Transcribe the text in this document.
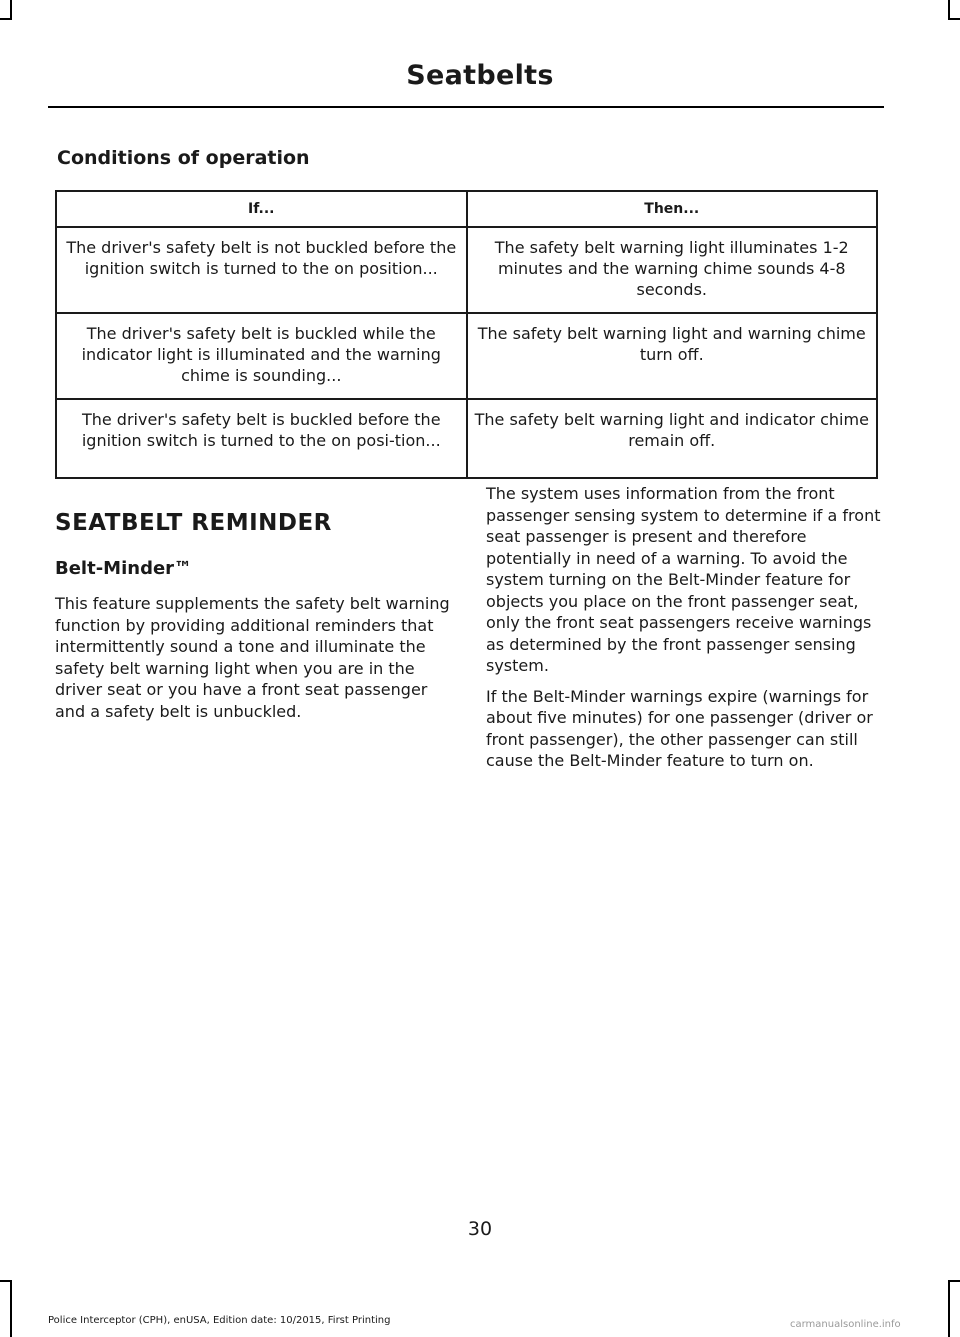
Seatbelts
Conditions of operation
If...	Then...
The driver's safety belt is not buckled before the ignition switch is turned to the on position...	The safety belt warning light illuminates 1-2 minutes and the warning chime sounds 4-8 seconds.
The driver's safety belt is buckled while the indicator light is illuminated and the warning chime is sounding...	The safety belt warning light and warning chime turn off.
The driver's safety belt is buckled before the ignition switch is turned to the on posi-tion...	The safety belt warning light and indicator chime remain off.
SEATBELT REMINDER
Belt-Minder™

This feature supplements the safety belt warning function by providing additional reminders that intermittently sound a tone and illuminate the safety belt warning light when you are in the driver seat or you have a front seat passenger and a safety belt is unbuckled.

The system uses information from the front passenger sensing system to determine if a front seat passenger is present and therefore potentially in need of a warning. To avoid the system turning on the Belt-Minder feature for objects you place on the front passenger seat, only the front seat passengers receive warnings as determined by the front passenger sensing system.

If the Belt-Minder warnings expire (warnings for about five minutes) for one passenger (driver or front passenger), the other passenger can still cause the Belt-Minder feature to turn on.

30
Police Interceptor (CPH), enUSA, Edition date: 10/2015, First Printing	carmanualsonline.info
